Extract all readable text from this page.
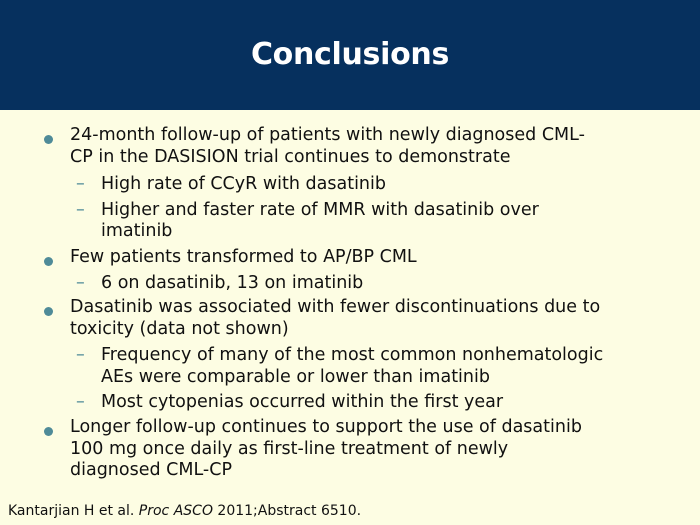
Conclusions
24-month follow-up of patients with newly diagnosed CML-
CP in the DASISION trial continues to demonstrate
– High rate of CCyR with dasatinib
– Higher and faster rate of MMR with dasatinib over
imatinib
Few patients transformed to AP/BP CML
– 6 on dasatinib, 13 on imatinib
Dasatinib was associated with fewer discontinuations due to
toxicity (data not shown)
– Frequency of many of the most common nonhematologic
AEs were comparable or lower than imatinib
– Most cytopenias occurred within the first year
Longer follow-up continues to support the use of dasatinib
100 mg once daily as first-line treatment of newly
diagnosed CML-CP
Kantarjian H et al. Proc ASCO 2011;Abstract 6510.
